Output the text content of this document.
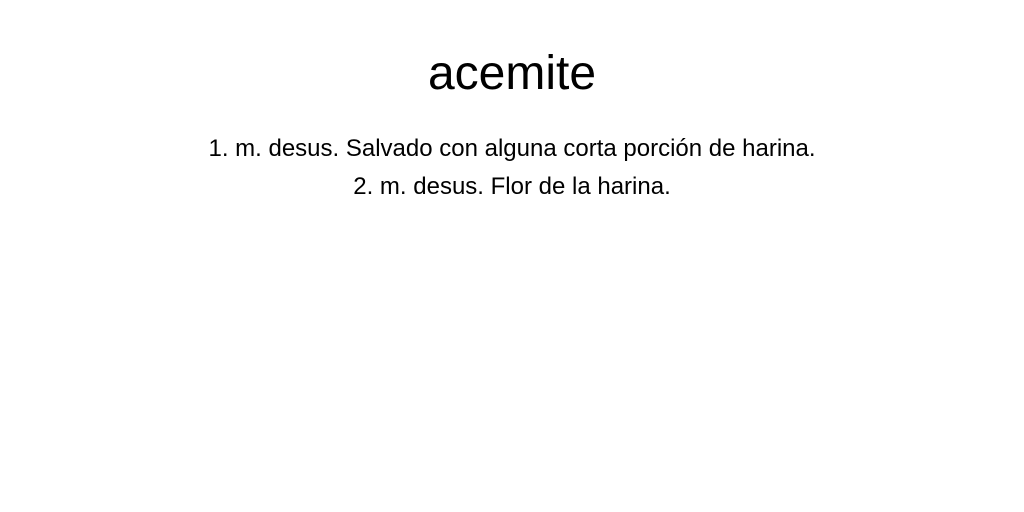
acemite
1. m. desus. Salvado con alguna corta porción de harina.
2. m. desus. Flor de la harina.
